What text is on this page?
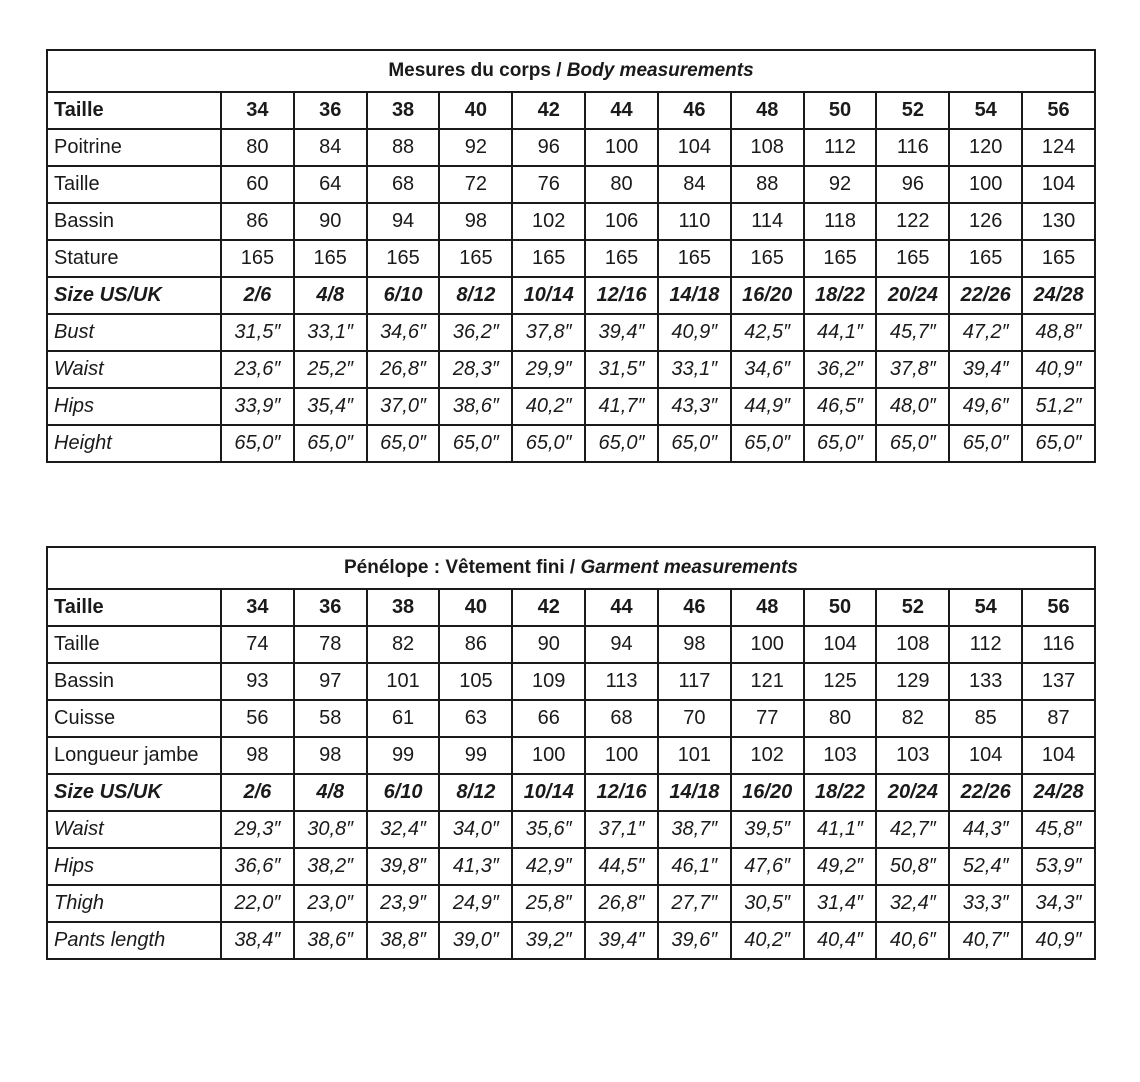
Mesures du corps / Body measurements												
Taille	34	36	38	40	42	44	46	48	50	52	54	56
Poitrine	80	84	88	92	96	100	104	108	112	116	120	124
Taille	60	64	68	72	76	80	84	88	92	96	100	104
Bassin	86	90	94	98	102	106	110	114	118	122	126	130
Stature	165	165	165	165	165	165	165	165	165	165	165	165
Size US/UK	2/6	4/8	6/10	8/12	10/14	12/16	14/18	16/20	18/22	20/24	22/26	24/28
Bust	31,5″	33,1″	34,6″	36,2″	37,8″	39,4″	40,9″	42,5″	44,1″	45,7″	47,2″	48,8″
Waist	23,6″	25,2″	26,8″	28,3″	29,9″	31,5″	33,1″	34,6″	36,2″	37,8″	39,4″	40,9″
Hips	33,9″	35,4″	37,0″	38,6″	40,2″	41,7″	43,3″	44,9″	46,5″	48,0″	49,6″	51,2″
Height	65,0″	65,0″	65,0″	65,0″	65,0″	65,0″	65,0″	65,0″	65,0″	65,0″	65,0″	65,0″
Pénélope : Vêtement fini / Garment measurements												
Taille	34	36	38	40	42	44	46	48	50	52	54	56
Taille	74	78	82	86	90	94	98	100	104	108	112	116
Bassin	93	97	101	105	109	113	117	121	125	129	133	137
Cuisse	56	58	61	63	66	68	70	77	80	82	85	87
Longueur jambe	98	98	99	99	100	100	101	102	103	103	104	104
Size US/UK	2/6	4/8	6/10	8/12	10/14	12/16	14/18	16/20	18/22	20/24	22/26	24/28
Waist	29,3″	30,8″	32,4″	34,0″	35,6″	37,1″	38,7″	39,5″	41,1″	42,7″	44,3″	45,8″
Hips	36,6″	38,2″	39,8″	41,3″	42,9″	44,5″	46,1″	47,6″	49,2″	50,8″	52,4″	53,9″
Thigh	22,0″	23,0″	23,9″	24,9″	25,8″	26,8″	27,7″	30,5″	31,4″	32,4″	33,3″	34,3″
Pants length	38,4″	38,6″	38,8″	39,0″	39,2″	39,4″	39,6″	40,2″	40,4″	40,6″	40,7″	40,9″
